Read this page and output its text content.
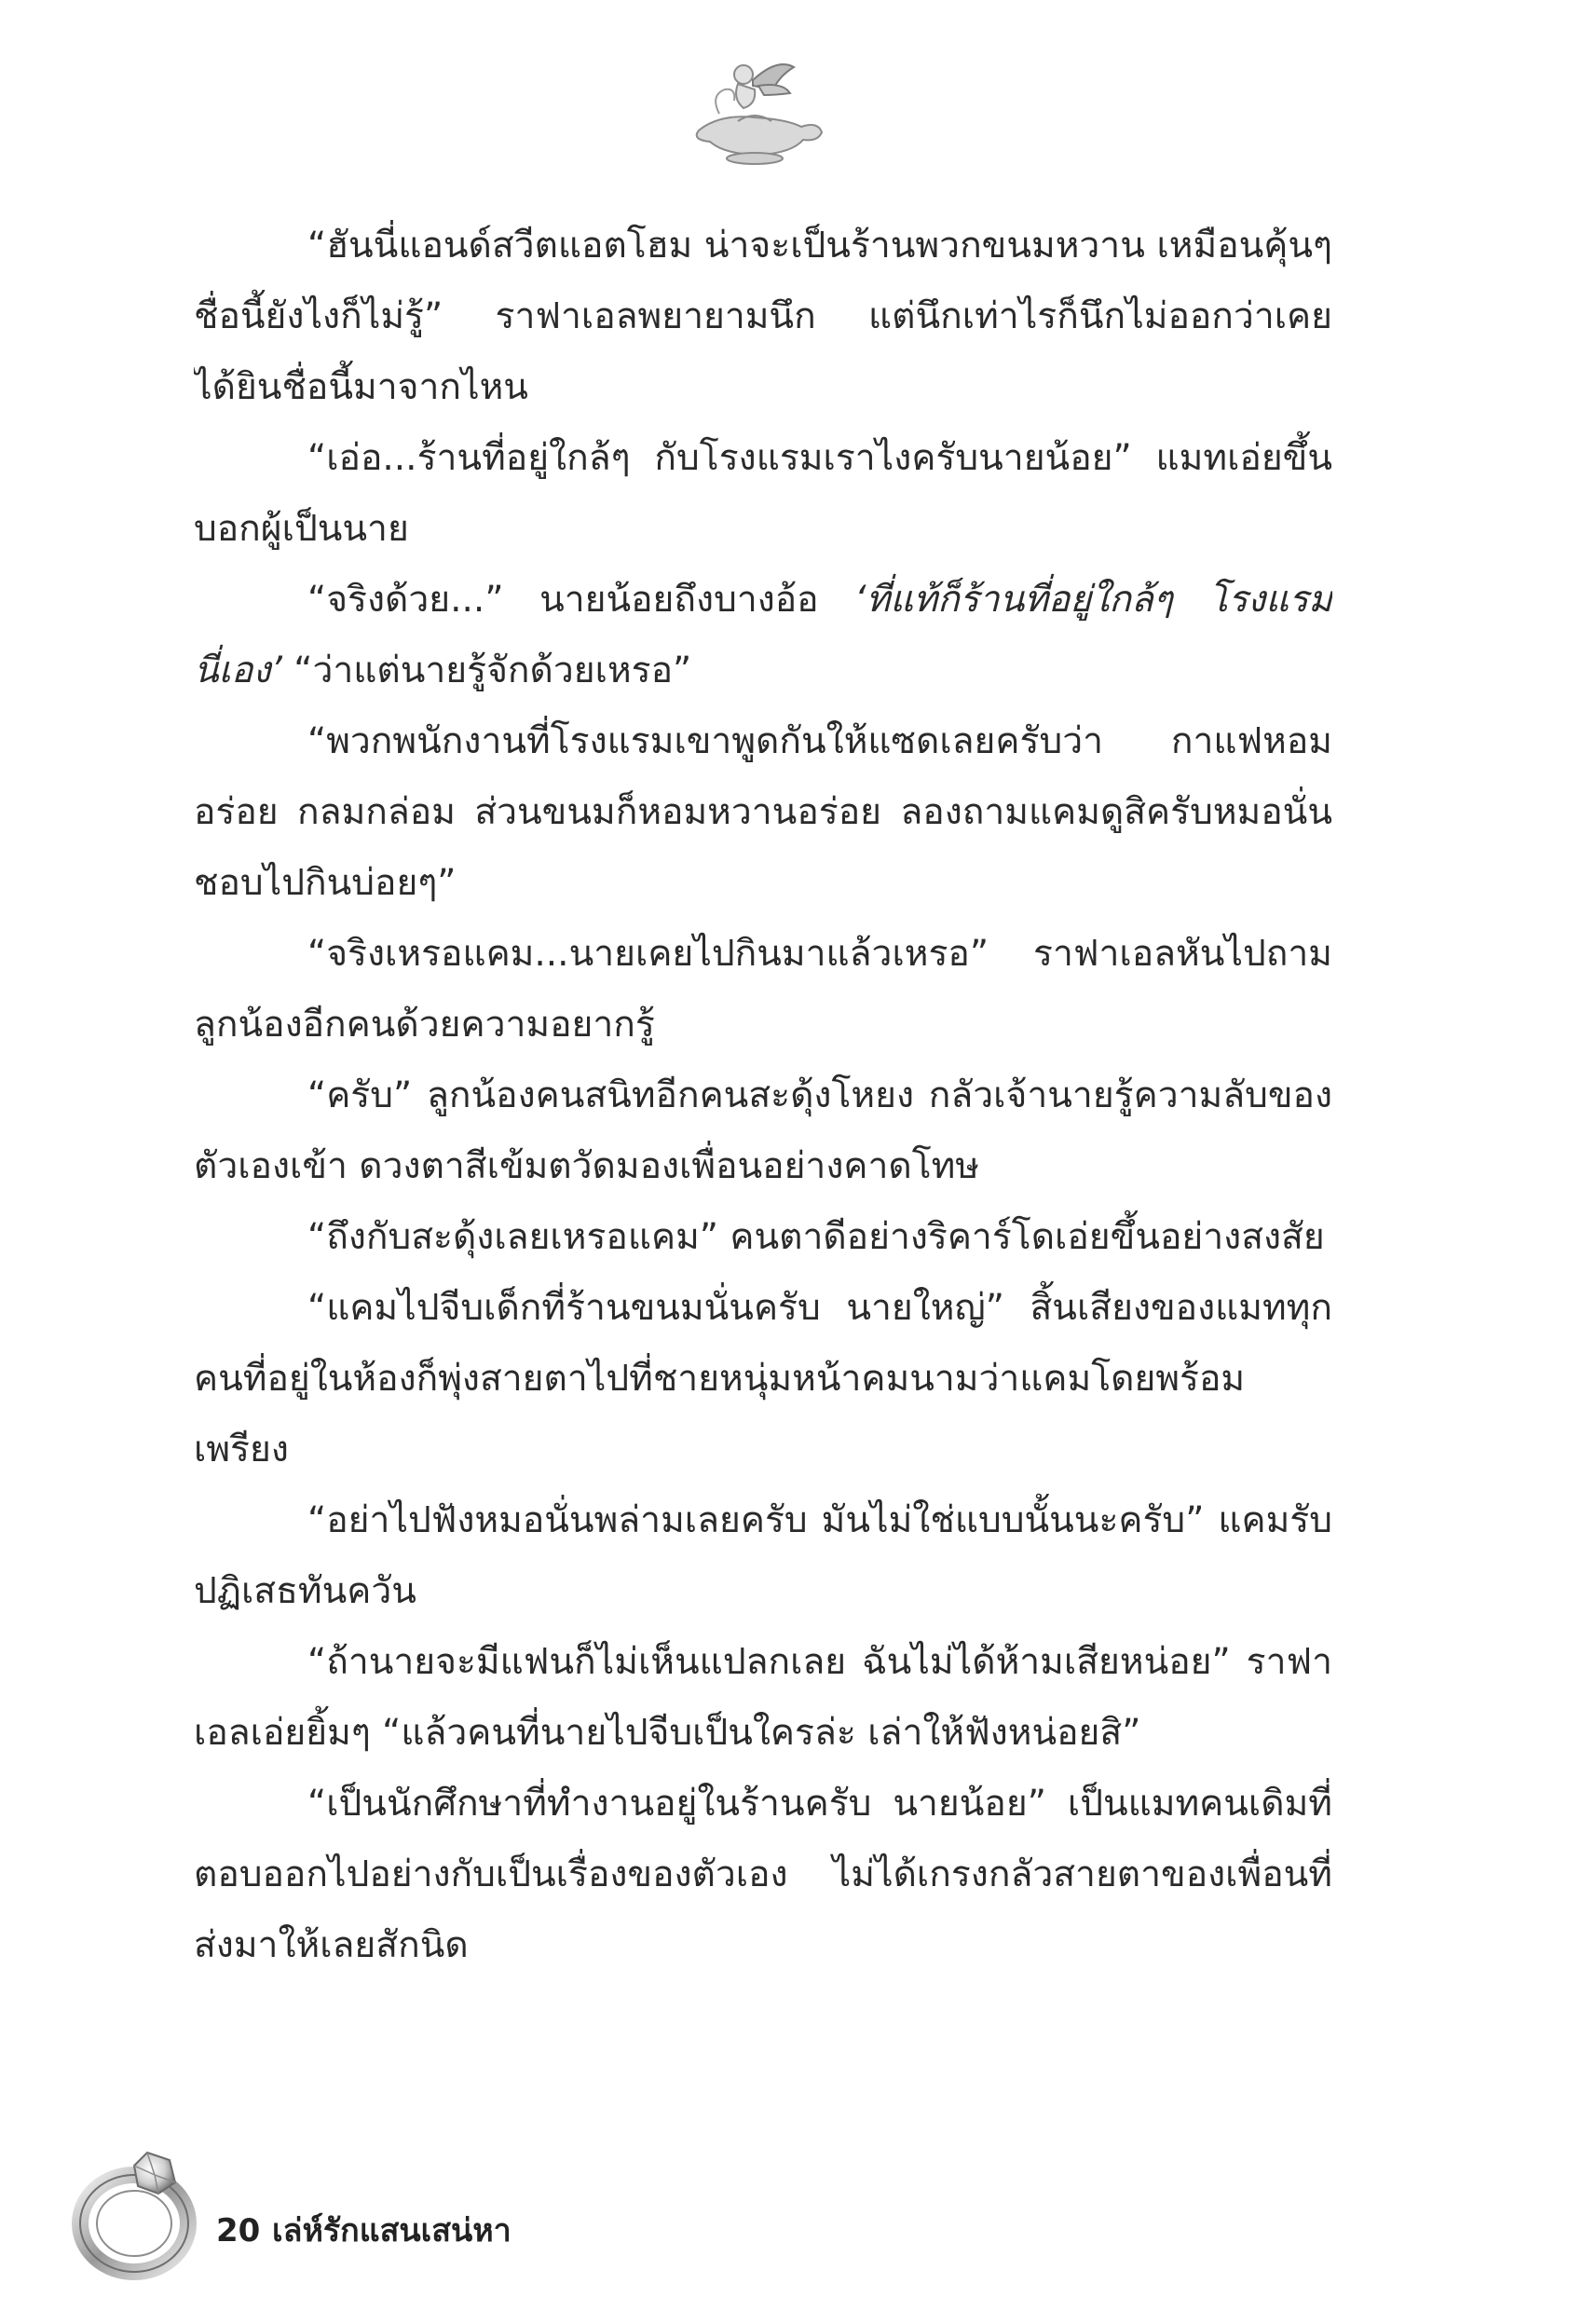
“ฮันนี่แอนด์สวีตแอตโฮม น่าจะเป็นร้านพวกขนมหวาน เหมือนคุ้นๆ ชื่อนี้ยังไงก็ไม่รู้” ราฟาเอลพยายามนึก แต่นึกเท่าไรก็นึกไม่ออกว่าเคยได้ยินชื่อนี้มาจากไหน

“เอ่อ...ร้านที่อยู่ใกล้ๆ กับโรงแรมเราไงครับนายน้อย” แมทเอ่ยขึ้นบอกผู้เป็นนาย

“จริงด้วย...” นายน้อยถึงบางอ้อ ‘ที่แท้ก็ร้านที่อยู่ใกล้ๆ โรงแรมนี่เอง’ “ว่าแต่นายรู้จักด้วยเหรอ”

“พวกพนักงานที่โรงแรมเขาพูดกันให้แซดเลยครับว่า กาแฟหอมอร่อย กลมกล่อม ส่วนขนมก็หอมหวานอร่อย ลองถามแคมดูสิครับหมอนั่นชอบไปกินบ่อยๆ”

“จริงเหรอแคม...นายเคยไปกินมาแล้วเหรอ” ราฟาเอลหันไปถามลูกน้องอีกคนด้วยความอยากรู้

“ครับ” ลูกน้องคนสนิทอีกคนสะดุ้งโหยง กลัวเจ้านายรู้ความลับของตัวเองเข้า ดวงตาสีเข้มตวัดมองเพื่อนอย่างคาดโทษ

“ถึงกับสะดุ้งเลยเหรอแคม” คนตาดีอย่างริคาร์โดเอ่ยขึ้นอย่างสงสัย

“แคมไปจีบเด็กที่ร้านขนมนั่นครับ นายใหญ่” สิ้นเสียงของแมททุกคนที่อยู่ในห้องก็พุ่งสายตาไปที่ชายหนุ่มหน้าคมนามว่าแคมโดยพร้อมเพรียง

“อย่าไปฟังหมอนั่นพล่ามเลยครับ มันไม่ใช่แบบนั้นนะครับ” แคมรับปฏิเสธทันควัน

“ถ้านายจะมีแฟนก็ไม่เห็นแปลกเลย ฉันไม่ได้ห้ามเสียหน่อย” ราฟาเอลเอ่ยยิ้มๆ “แล้วคนที่นายไปจีบเป็นใครล่ะ เล่าให้ฟังหน่อยสิ”

“เป็นนักศึกษาที่ทำงานอยู่ในร้านครับ นายน้อย” เป็นแมทคนเดิมที่ตอบออกไปอย่างกับเป็นเรื่องของตัวเอง ไม่ได้เกรงกลัวสายตาของเพื่อนที่ส่งมาให้เลยสักนิด

20 เล่ห์รักแสนเสน่หา
